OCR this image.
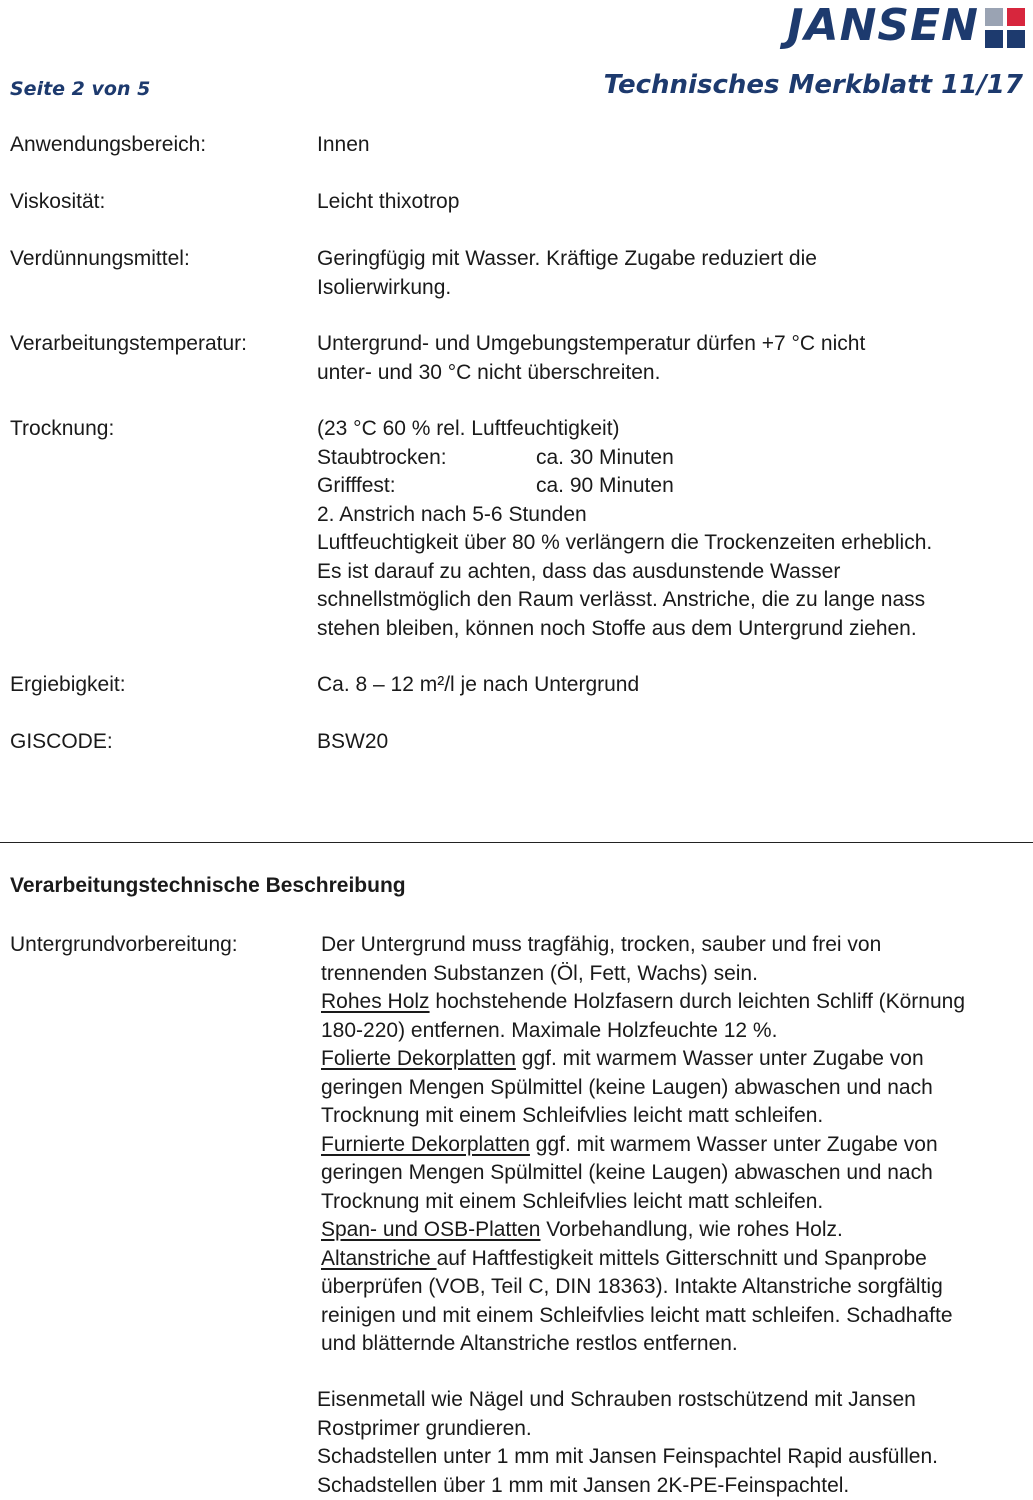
JANSEN
Seite 2 von 5	Technisches Merkblatt 11/17
Anwendungsbereich:	Innen
Viskosität:	Leicht thixotrop
Verdünnungsmittel:	Geringfügig mit Wasser. Kräftige Zugabe reduziert die
Isolierwirkung.
Verarbeitungstemperatur:	Untergrund- und Umgebungstemperatur dürfen +7 °C nicht
unter- und 30 °C nicht überschreiten.
Trocknung:	(23 °C 60 % rel. Luftfeuchtigkeit)
Staubtrocken:	ca. 30 Minuten
Grifffest:	ca. 90 Minuten
2. Anstrich nach 5-6 Stunden
Luftfeuchtigkeit über 80 % verlängern die Trockenzeiten erheblich.
Es ist darauf zu achten, dass das ausdunstende Wasser
schnellstmöglich den Raum verlässt. Anstriche, die zu lange nass
stehen bleiben, können noch Stoffe aus dem Untergrund ziehen.
Ergiebigkeit:	Ca. 8 – 12 m²/l je nach Untergrund
GISCODE:	BSW20
Verarbeitungstechnische Beschreibung
Untergrundvorbereitung:	Der Untergrund muss tragfähig, trocken, sauber und frei von
trennenden Substanzen (Öl, Fett, Wachs) sein.
Rohes Holz hochstehende Holzfasern durch leichten Schliff (Körnung
180-220) entfernen. Maximale Holzfeuchte 12 %.
Folierte Dekorplatten ggf. mit warmem Wasser unter Zugabe von
geringen Mengen Spülmittel (keine Laugen) abwaschen und nach
Trocknung mit einem Schleifvlies leicht matt schleifen.
Furnierte Dekorplatten ggf. mit warmem Wasser unter Zugabe von
geringen Mengen Spülmittel (keine Laugen) abwaschen und nach
Trocknung mit einem Schleifvlies leicht matt schleifen.
Span- und OSB-Platten Vorbehandlung, wie rohes Holz.
Altanstriche auf Haftfestigkeit mittels Gitterschnitt und Spanprobe
überprüfen (VOB, Teil C, DIN 18363). Intakte Altanstriche sorgfältig
reinigen und mit einem Schleifvlies leicht matt schleifen. Schadhafte
und blätternde Altanstriche restlos entfernen.
Eisenmetall wie Nägel und Schrauben rostschützend mit Jansen
Rostprimer grundieren.
Schadstellen unter 1 mm mit Jansen Feinspachtel Rapid ausfüllen.
Schadstellen über 1 mm mit Jansen 2K-PE-Feinspachtel.
